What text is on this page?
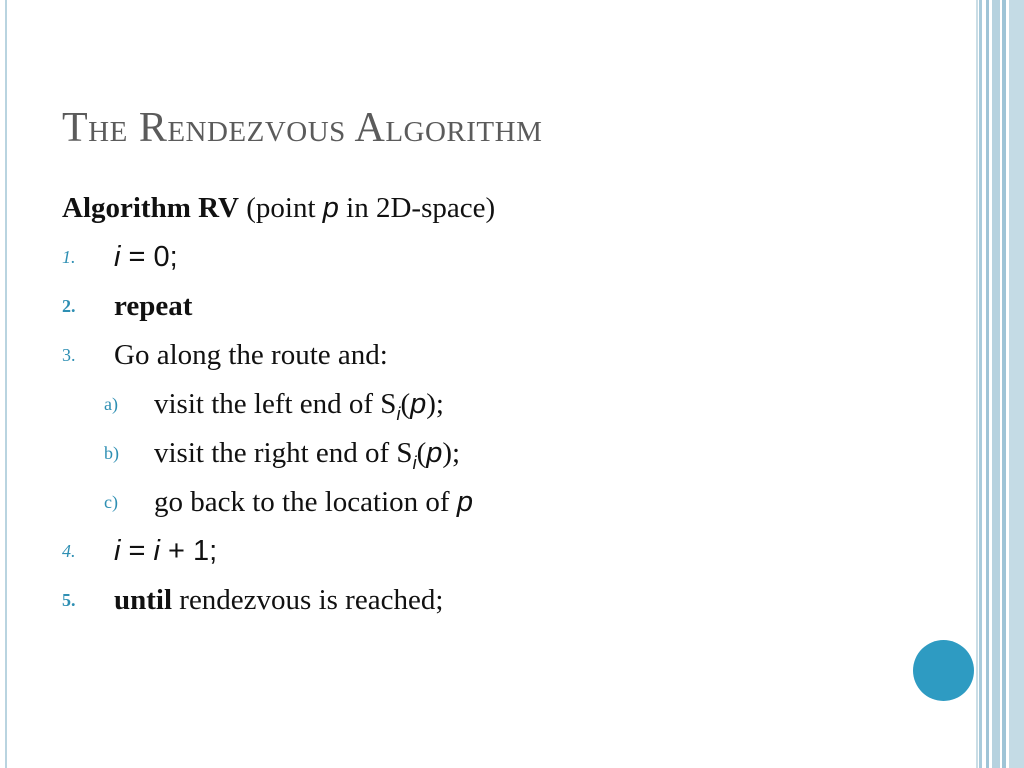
The Rendezvous Algorithm
Algorithm RV (point p in 2D-space)
1.	i = 0;
2.	repeat
3.	Go along the route and:
a)	visit the left end of $S_i(p)$;
b)	visit the right end of $S_i(p)$;
c)	go back to the location of p
4.	i = i + 1;
5.	until rendezvous is reached;
